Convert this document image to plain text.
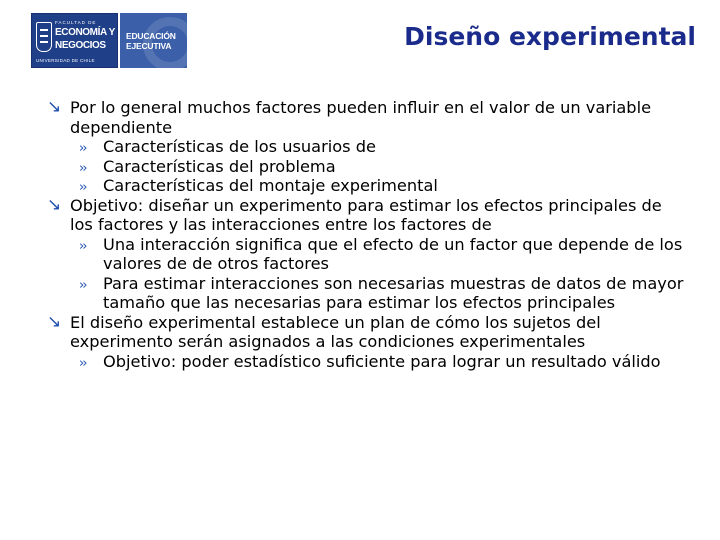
FACULTAD DE
ECONOMÍA Y
NEGOCIOS
UNIVERSIDAD DE CHILE
EDUCACIÓN
EJECUTIVA	Diseño experimental
↘ Por lo general muchos factores pueden influir en el valor de un variable dependiente
›› Características de los usuarios de
›› Características del problema
›› Características del montaje experimental
↘ Objetivo: diseñar un experimento para estimar los efectos principales de los factores y las interacciones entre los factores de
›› Una interacción significa que el efecto de un factor que depende de los valores de de otros factores
›› Para estimar interacciones son necesarias muestras de datos de mayor tamaño que las necesarias para estimar los efectos principales
↘ El diseño experimental establece un plan de cómo los sujetos del experimento serán asignados a las condiciones experimentales
›› Objetivo: poder estadístico suficiente para lograr un resultado válido
